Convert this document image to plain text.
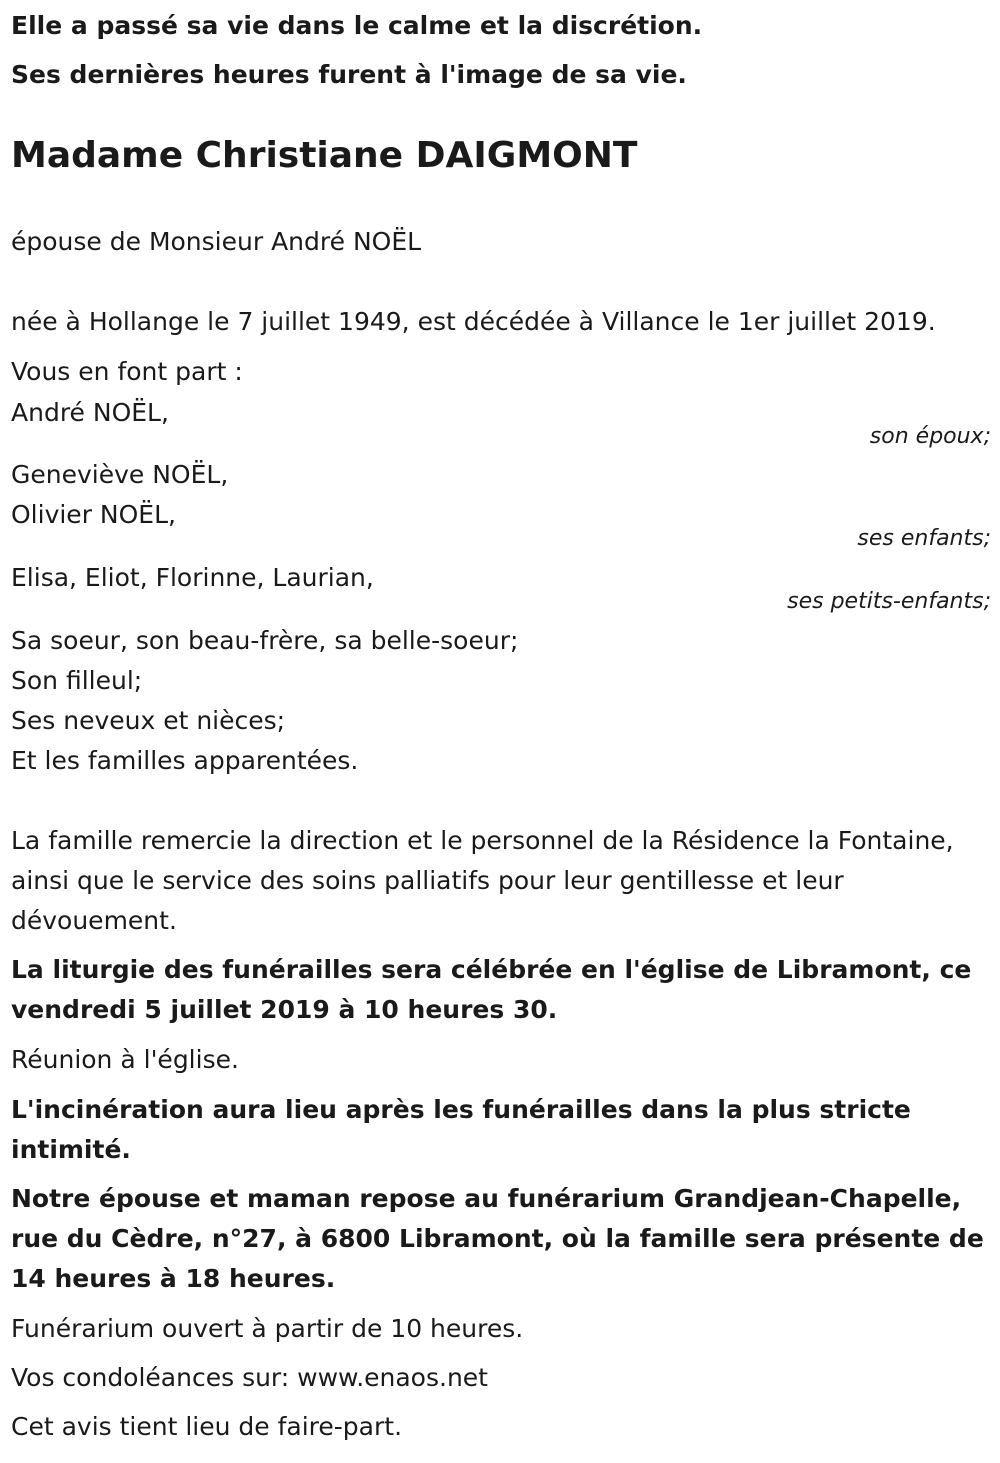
Elle a passé sa vie dans le calme et la discrétion.

Ses dernières heures furent à l'image de sa vie.

Madame Christiane DAIGMONT

épouse de Monsieur André NOËL

née à Hollange le 7 juillet 1949, est décédée à Villance le 1er juillet 2019.

Vous en font part :

André NOËL,

son époux;

Geneviève NOËL,

Olivier NOËL,

ses enfants;

Elisa, Eliot, Florinne, Laurian,

ses petits-enfants;

Sa soeur, son beau-frère, sa belle-soeur;

Son filleul;

Ses neveux et nièces;

Et les familles apparentées.

La famille remercie la direction et le personnel de la Résidence la Fontaine, ainsi que le service des soins palliatifs pour leur gentillesse et leur dévouement.

La liturgie des funérailles sera célébrée en l'église de Libramont, ce vendredi 5 juillet 2019 à 10 heures 30.

Réunion à l'église.

L'incinération aura lieu après les funérailles dans la plus stricte intimité.

Notre épouse et maman repose au funérarium Grandjean-Chapelle, rue du Cèdre, n°27, à 6800 Libramont, où la famille sera présente de 14 heures à 18 heures.

Funérarium ouvert à partir de 10 heures.

Vos condoléances sur: www.enaos.net

Cet avis tient lieu de faire-part.
